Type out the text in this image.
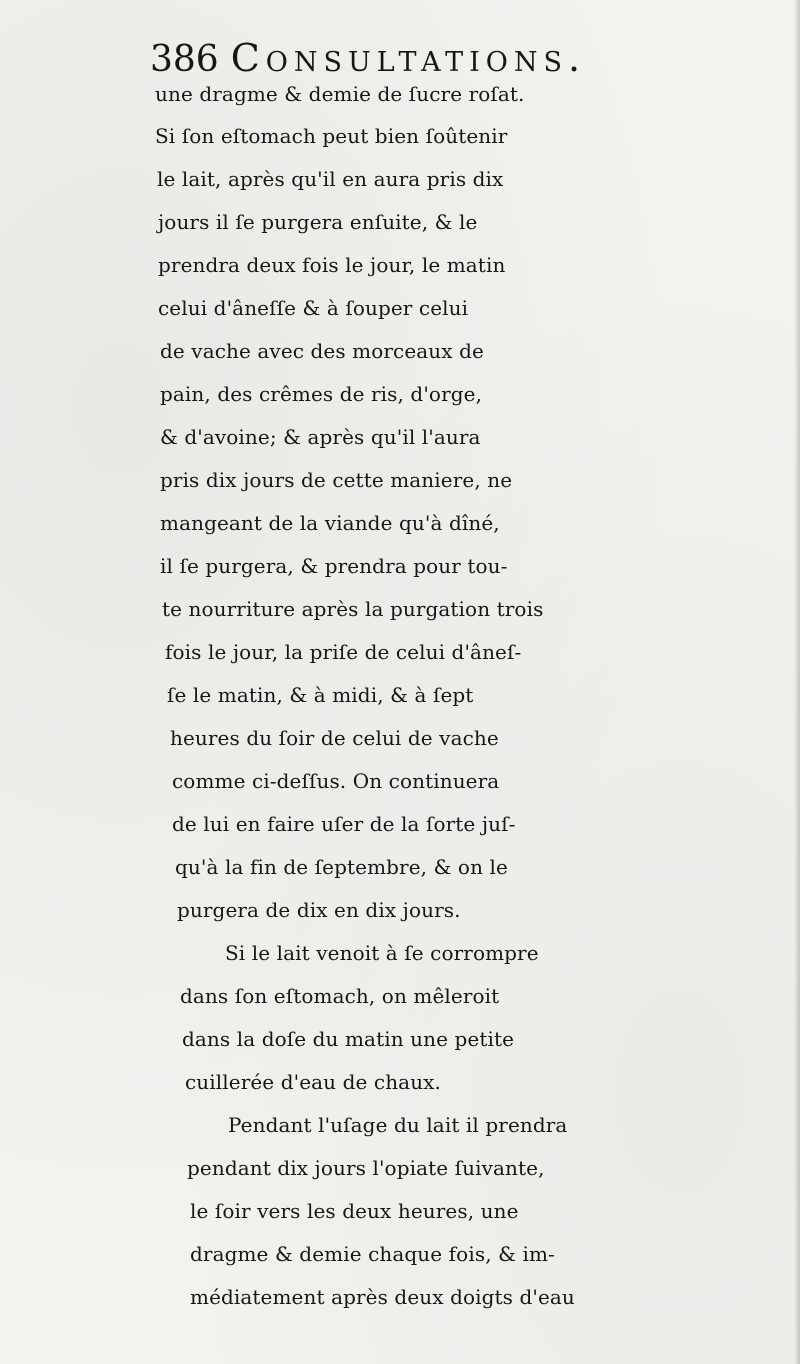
386 Consultations.
une dragme & demie de ſucre roſat.
Si ſon eſtomach peut bien ſoûtenir
le lait, après qu'il en aura pris dix
jours il ſe purgera enſuite, & le
prendra deux fois le jour, le matin
celui d'âneſſe & à ſouper celui
de vache avec des morceaux de
pain, des crêmes de ris, d'orge,
& d'avoine; & après qu'il l'aura
pris dix jours de cette maniere, ne
mangeant de la viande qu'à dîné,
il ſe purgera, & prendra pour tou-
te nourriture après la purgation trois
fois le jour, la priſe de celui d'âneſ-
ſe le matin, & à midi, & à ſept
heures du ſoir de celui de vache
comme ci-deſſus. On continuera
de lui en faire uſer de la ſorte juſ-
qu'à la fin de ſeptembre, & on le
purgera de dix en dix jours.
Si le lait venoit à ſe corrompre
dans ſon eſtomach, on mêleroit
dans la doſe du matin une petite
cuillerée d'eau de chaux.
Pendant l'uſage du lait il prendra
pendant dix jours l'opiate ſuivante,
le ſoir vers les deux heures, une
dragme & demie chaque fois, & im-
médiatement après deux doigts d'eau
